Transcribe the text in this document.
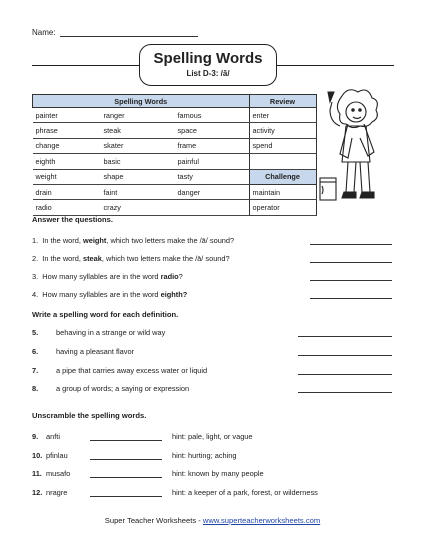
Name:
Spelling Words
List D-3: /ā/
Spelling Words			Review
painter	ranger	famous	enter
phrase	steak	space	activity
change	skater	frame	spend
eighth	basic	painful	
weight	shape	tasty	Challenge
drain	faint	danger	maintain
radio	crazy		operator
Answer the questions.
1. In the word, weight, which two letters make the /ā/ sound?
2. In the word, steak, which two letters make the /ā/ sound?
3. How many syllables are in the word radio?
4. How many syllables are in the word eighth?
Write a spelling word for each definition.
5. behaving in a strange or wild way
6. having a pleasant flavor
7. a pipe that carries away excess water or liquid
8. a group of words; a saying or expression
Unscramble the spelling words.
9. anfti	hint: pale, light, or vague
10. pfinlau	hint: hurting; aching
11. musafo	hint: known by many people
12. nragre	hint: a keeper of a park, forest, or wilderness
Super Teacher Worksheets - www.superteacherworksheets.com
